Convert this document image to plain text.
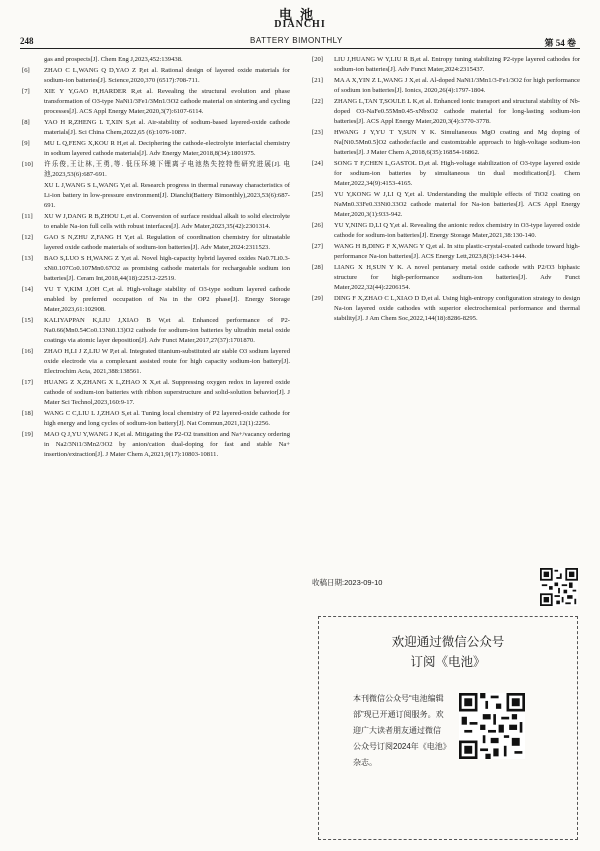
电池
DIANCHI
248	BATTERY BIMONTHLY	第 54 卷
gas and prospects[J]. Chem Eng J,2023,452:139438.
[6]	ZHAO C L,WANG Q D,YAO Z P,et al. Rational design of layered oxide materials for sodium-ion batteries[J]. Science,2020,370 (6517):708-711.
[7]	XIE Y Y,GAO H,HARDER R,et al. Revealing the structural evolution and phase transformation of O3-type NaNi1/3Fe1/3Mn1/3O2 cathode material on sintering and cycling processes[J]. ACS Appl Energy Mater,2020,3(7):6107-6114.
[8]	YAO H R,ZHENG L T,XIN S,et al. Air-stability of sodium-based layered-oxide cathode materials[J]. Sci China Chem,2022,65 (6):1076-1087.
[9]	MU L Q,FENG X,KOU R H,et al. Deciphering the cathode-electrolyte interfacial chemistry in sodium layered cathode materials[J]. Adv Energy Mater,2018,8(34):1801975.
[10]	许乐俊,王让林,王勇,等. 低压环境下锂离子电池热失控特性研究进展[J]. 电池,2023,53(6):687-691.
XU L J,WANG S L,WANG Y,et al. Research progress in thermal runaway characteristics of Li-ion battery in low-pressure environment[J]. Dianchi(Battery Bimonthly),2023,53(6):687-691.
[11]	XU W J,DANG R B,ZHOU L,et al. Conversion of surface residual alkali to solid electrolyte to enable Na-ion full cells with robust interfaces[J]. Adv Mater,2023,35(42):2301314.
[12]	GAO S N,ZHU Z,FANG H Y,et al. Regulation of coordination chemistry for ultrastable layered oxide cathode materials of sodium-ion batteries[J]. Adv Mater,2024:2311523.
[13]	BAO S,LUO S H,WANG Z Y,et al. Novel high-capacity hybrid layered oxides Na0.7Li0.3-xNi0.107Co0.107Mn0.67O2 as promising cathode materials for rechargeable sodium ion batteries[J]. Ceram Int,2018,44(18):22512-22519.
[14]	YU T Y,KIM J,OH C,et al. High-voltage stability of O3-type sodium layered cathode enabled by preferred occupation of Na in the OP2 phase[J]. Energy Storage Mater,2023,61:102908.
[15]	KALIYAPPAN K,LIU J,XIAO B W,et al. Enhanced performance of P2-Na0.66(Mn0.54Co0.13Ni0.13)O2 cathode for sodium-ion batteries by ultrathin metal oxide coatings via atomic layer deposition[J]. Adv Funct Mater,2017,27(37):1701870.
[16]	ZHAO H,LI J Z,LIU W P,et al. Integrated titanium-substituted air stable O3 sodium layered oxide electrode via a complexant assisted route for high capacity sodium-ion battery[J]. Electrochim Acta, 2021,388:138561.
[17]	HUANG Z X,ZHANG X L,ZHAO X X,et al. Suppressing oxygen redox in layered oxide cathode of sodium-ion batteries with ribbon superstructure and solid-solution behavior[J]. J Mater Sci Technol,2023,160:9-17.
[18]	WANG C C,LIU L J,ZHAO S,et al. Tuning local chemistry of P2 layered-oxide cathode for high energy and long cycles of sodium-ion battery[J]. Nat Commun,2021,12(1):2256.
[19]	MAO Q J,YU Y,WANG J K,et al. Mitigating the P2-O2 transition and Na+/vacancy ordering in Na2/3Ni1/3Mn2/3O2 by anion/cation dual-doping for fast and stable Na+ insertion/extraction[J]. J Mater Chem A,2021,9(17):10803-10811.
[20]	LIU J,HUANG W Y,LIU R B,et al. Entropy tuning stabilizing P2-type layered cathodes for sodium-ion batteries[J]. Adv Funct Mater,2024:2315437.
[21]	MA A X,YIN Z L,WANG J X,et al. Al-doped NaNi1/3Mn1/3-Fe1/3O2 for high performance of sodium ion batteries[J]. Ionics, 2020,26(4):1797-1804.
[22]	ZHANG L,TAN T,SOULE L K,et al. Enhanced ionic transport and structural stability of Nb-doped O3-NaFe0.55Mn0.45-xNbxO2 cathode material for long-lasting sodium-ion batteries[J]. ACS Appl Energy Mater,2020,3(4):3770-3778.
[23]	HWANG J Y,YU T Y,SUN Y K. Simultaneous MgO coating and Mg doping of Na[Ni0.5Mn0.5]O2 cathode:facile and customizable approach to high-voltage sodium-ion batteries[J]. J Mater Chem A,2018,6(35):16854-16862.
[24]	SONG T F,CHEN L,GASTOL D,et al. High-voltage stabilization of O3-type layered oxide for sodium-ion batteries by simultaneous tin dual modification[J]. Chem Mater,2022,34(9):4153-4165.
[25]	YU Y,KONG W J,LI Q Y,et al. Understanding the multiple effects of TiO2 coating on NaMn0.33Fe0.33Ni0.33O2 cathode material for Na-ion batteries[J]. ACS Appl Energy Mater,2020,3(1):933-942.
[26]	YU Y,NING D,LI Q Y,et al. Revealing the anionic redox chemistry in O3-type layered oxide cathode for sodium-ion batteries[J]. Energy Storage Mater,2021,38:130-140.
[27]	WANG H B,DING F X,WANG Y Q,et al. In situ plastic-crystal-coated cathode toward high-performance Na-ion batteries[J]. ACS Energy Lett,2023,8(3):1434-1444.
[28]	LIANG X H,SUN Y K. A novel pentanary metal oxide cathode with P2/O3 biphasic structure for high-performance sodium-ion batteries[J]. Adv Funct Mater,2022,32(44):2206154.
[29]	DING F X,ZHAO C L,XIAO D D,et al. Using high-entropy configuration strategy to design Na-ion layered oxide cathodes with superior electrochemical performance and thermal stability[J]. J Am Chem Soc,2022,144(18):8286-8295.
收稿日期:2023-09-10
欢迎通过微信公众号
订阅《电池》
本刊微信公众号“电池编辑部”现已开通订阅服务。欢迎广大读者朋友通过微信公众号订阅2024年《电池》杂志。
